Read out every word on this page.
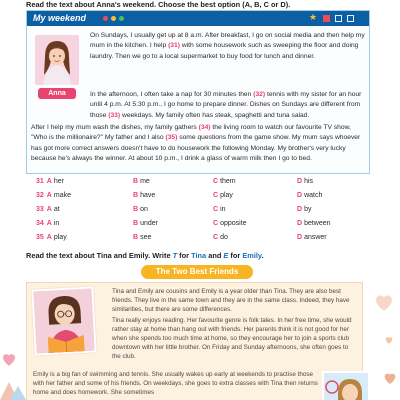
Read the text about Anna's weekend. Choose the best option (A, B, C or D).
My weekend	★
Anna
On Sundays, I usually get up at 8 a.m. After breakfast, I go on social media and then help my mum in the kitchen. I help (31) with some housework such as sweeping the floor and doing laundry. Then we go to a local supermarket to buy food for lunch and dinner.
In the afternoon, I often take a nap for 30 minutes then (32) tennis with my sister for an hour until 4 p.m. At 5.30 p.m., I go home to prepare dinner. Dishes on Sundays are different from those (33) weekdays. My family often has steak, spaghetti and tuna salad.
After I help my mum wash the dishes, my family gathers (34) the living room to watch our favourite TV show, "Who is the millionaire?" My father and I also (35) some questions from the game show. My mum says whoever has got more correct answers doesn't have to do housework the following Monday. My brother's very lucky because he's always the winner. At about 10 p.m., I drink a glass of warm milk then I go to bed.
31 A her	B me	C them	D his
32 A make	B have	C play	D watch
33 A at	B on	C in	D by
34 A in	B under	C opposite	D between
35 A play	B see	C do	D answer
Read the text about Tina and Emily. Write T for Tina and E for Emily.
The Two Best Friends
Tina and Emily are cousins and Emily is a year older than Tina. They are also best friends. They live in the same town and they are in the same class. Indeed, they have similarities, but there are some differences.
Tina really enjoys reading. Her favourite genre is folk tales. In her free time, she would rather stay at home than hang out with friends. Her parents think it is not good for her when she spends too much time at home, so they encourage her to join a sports club downtown with her little brother. On Friday and Sunday afternoons, she often goes to the club.
Emily is a big fan of swimming and tennis. She usually wakes up early at weekends to practise those with her father and some of his friends. On weekdays, she goes to extra classes with Tina then returns home and does homework. She sometimes
